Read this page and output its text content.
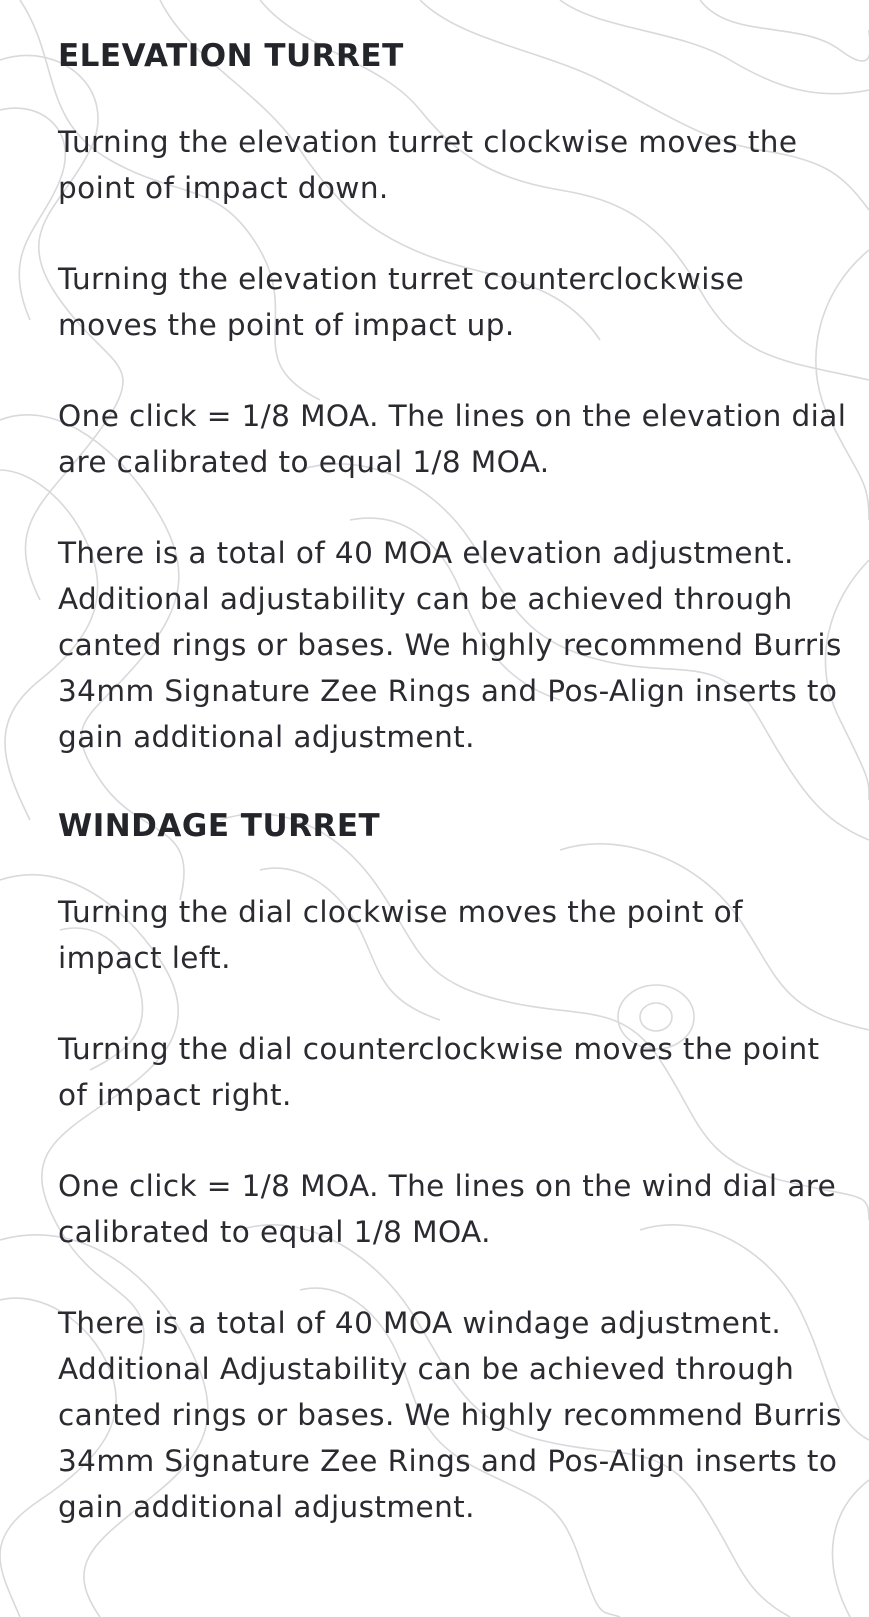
ELEVATION TURRET

Turning the elevation turret clockwise moves the point of impact down.

Turning the elevation turret counterclockwise moves the point of impact up.

One click = 1/8 MOA. The lines on the elevation dial are calibrated to equal 1/8 MOA.

There is a total of 40 MOA elevation adjustment. Additional adjustability can be achieved through canted rings or bases. We highly recommend Burris 34mm Signature Zee Rings and Pos-Align inserts to gain additional adjustment.

WINDAGE TURRET

Turning the dial clockwise moves the point of impact left.

Turning the dial counterclockwise moves the point of impact right.

One click = 1/8 MOA. The lines on the wind dial are calibrated to equal 1/8 MOA.

There is a total of 40 MOA windage adjustment. Additional Adjustability can be achieved through canted rings or bases. We highly recommend Burris 34mm Signature Zee Rings and Pos-Align inserts to gain additional adjustment.
